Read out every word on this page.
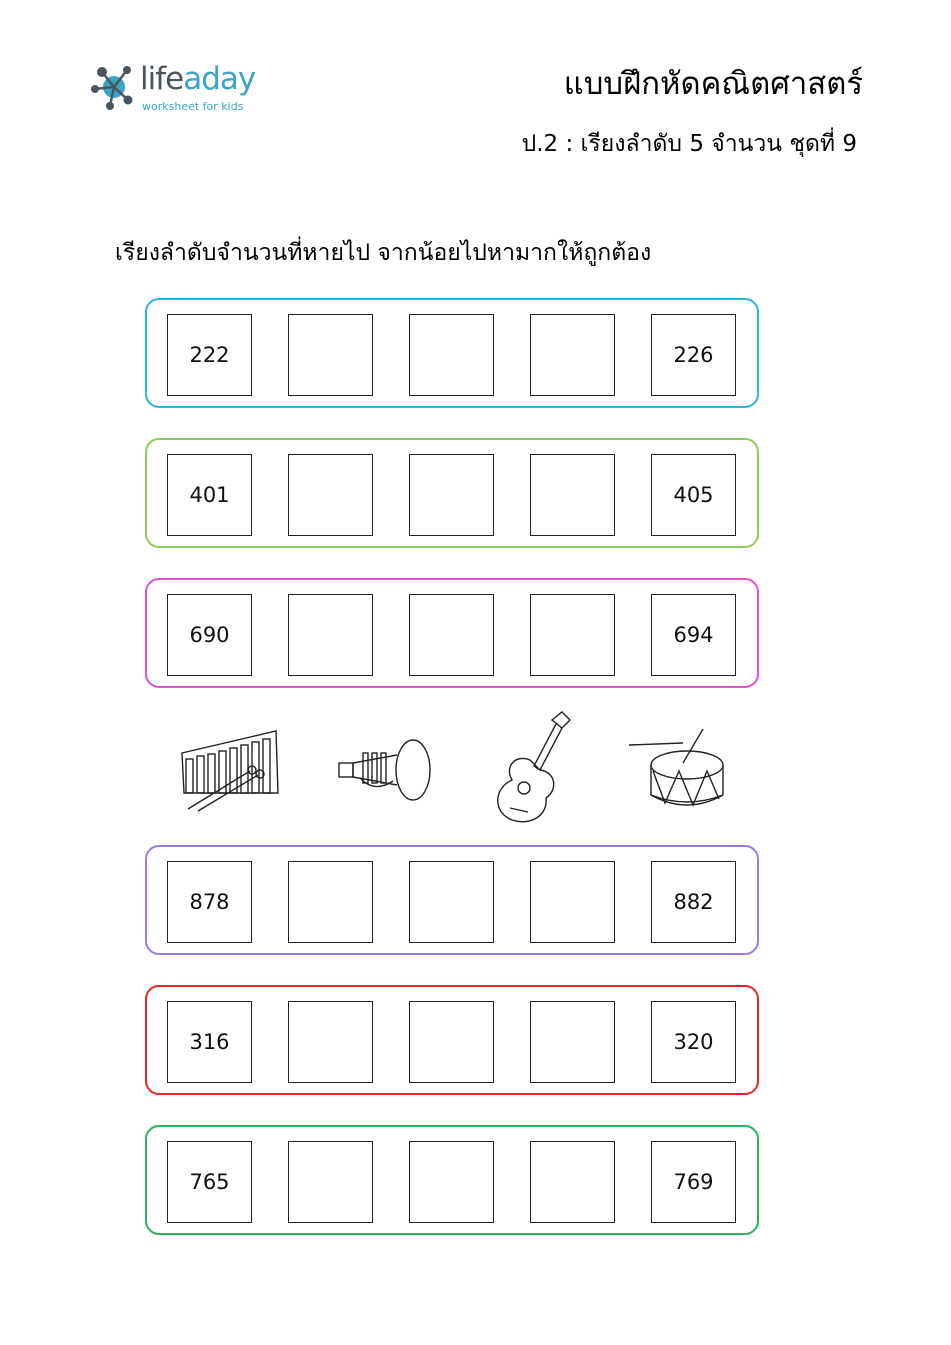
lifeaday
worksheet for kids
แบบฝึกหัดคณิตศาสตร์
ป.2 : เรียงลำดับ 5 จำนวน ชุดที่ 9
เรียงลำดับจำนวนที่หายไป จากน้อยไปหามากให้ถูกต้อง
222	226
401	405
690	694
878	882
316	320
765	769
